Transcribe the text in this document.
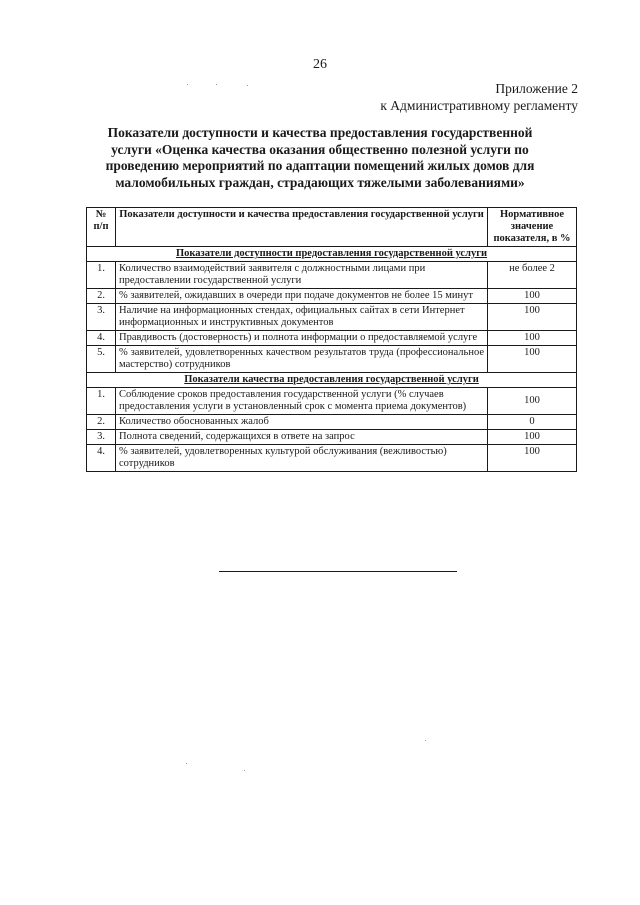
26
Приложение 2
к Административному регламенту
Показатели доступности и качества предоставления государственной услуги «Оценка качества оказания общественно полезной услуги по проведению мероприятий по адаптации помещений жилых домов для маломобильных граждан, страдающих тяжелыми заболеваниями»
№ п/п	Показатели доступности и качества предоставления государственной услуги	Нормативное значение показателя, в %
Показатели доступности предоставления государственной услуги		
1.	Количество взаимодействий заявителя с должностными лицами при предоставлении государственной услуги	не более 2
2.	% заявителей, ожидавших в очереди при подаче документов не более 15 минут	100
3.	Наличие на информационных стендах, официальных сайтах в сети Интернет информационных и инструктивных документов	100
4.	Правдивость (достоверность) и полнота информации о предоставляемой услуге	100
5.	% заявителей, удовлетворенных качеством результатов труда (профессиональное мастерство) сотрудников	100
Показатели качества предоставления государственной услуги		
1.	Соблюдение сроков предоставления государственной услуги (% случаев предоставления услуги в установленный срок с момента приема документов)	100
2.	Количество обоснованных жалоб	0
3.	Полнота сведений, содержащихся в ответе на запрос	100
4.	% заявителей, удовлетворенных культурой обслуживания (вежливостью) сотрудников	100
